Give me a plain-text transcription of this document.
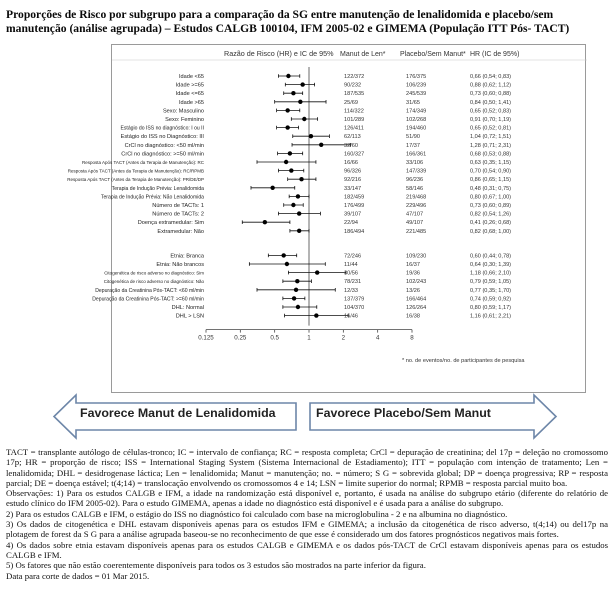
Proporções de Risco por subgrupo para a comparação da SG entre manutenção de lenalidomida e placebo/sem manutenção (análise agrupada) – Estudos CALGB 100104, IFM 2005-02 e GIMEMA (População ITT Pós- TACT)
Razão de Risco (HR) e IC de 95% Manut de Len* Placebo/Sem Manut* HR (IC de 95%)
Idade <65	122/372	176/375	0,66 (0,54; 0,83)
Idade >=65	90/232	106/239	0,88 (0,62; 1,12)
Idade <=65	187/535	245/539	0,73 (0,60; 0,88)
Idade >65	25/69	31/65	0,84 (0,50; 1,41)
Sexo: Masculino	114/322	174/349	0,65 (0,52; 0,83)
Sexo: Feminino	101/289	102/268	0,91 (0,70; 1,19)
Estágio do ISS no diagnóstico: I ou II	126/411	194/460	0,65 (0,52; 0,81)
Estágio do ISS no Diagnóstico: III	62/113	51/90	1,04 (0,72; 1,51)
CrCl no diagnóstico: <50 ml/min	32/60	17/37	1,28 (0,71; 2,31)
CrCl no diagnóstico: >=50 ml/min	160/327	166/361	0,68 (0,53; 0,88)
Resposta Após TACT (Antes da Terapia de Manutenção): RC	16/66	33/106	0,63 (0,35; 1,15)
Resposta Após TACT (Antes da Terapia de Manutenção): RC/RPMB	96/326	147/339	0,70 (0,54; 0,90)
Resposta Após TACT (Antes da Terapia de Manutenção): PR/DE/DP	92/216	96/236	0,86 (0,65; 1,15)
Terapia de Indução Prévia: Lenalidomida	33/147	58/146	0,48 (0,31; 0,75)
Terapia de Indução Prévia: Não Lenalidomida	182/459	219/468	0,80 (0,67; 1,00)
Número de TACTs: 1	176/499	229/496	0,73 (0,60; 0,89)
Número de TACTs: 2	39/107	47/107	0,82 (0,54; 1,26)
Doença extramedular: Sim	22/94	49/107	0,41 (0,26; 0,68)
Extramedular: Não	186/494	221/485	0,82 (0,68; 1,00)
Etnia: Branca	72/246	109/230	0,60 (0,44; 0,78)
Etnia: Não brancos	11/44	16/37	0,64 (0,30; 1,39)
Citogenética de risco adverso no diagnóstico: Sim	30/56	19/36	1,18 (0,66; 2,10)
Citogenética de risco adverso no diagnóstico: Não	78/231	102/243	0,79 (0,59; 1,05)
Depuração da Creatinina Pós-TACT: <60 ml/min	12/33	13/26	0,77 (0,35; 1,70)
Depuração da Creatinina Pós-TACT: >=60 ml/min	137/379	166/464	0,74 (0,59; 0,92)
DHL: Normal	104/370	126/264	0,80 (0,59; 1,17)
DHL > LSN	16/46	16/38	1,16 (0,61; 2,21)
0.125	0.25	0.5	1	2	4	8
* no. de eventos/no. de participantes de pesquisa
Favorece Manut de Lenalidomida	Favorece Placebo/Sem Manut

TACT = transplante autólogo de células-tronco; IC = intervalo de confiança; RC = resposta completa; CrCl = depuração de creatinina; del 17p = deleção no cromossomo 17p; HR = proporção de risco; ISS = International Staging System (Sistema Internacional de Estadiamento); ITT = população com intenção de tratamento; Len = lenalidomida; DHL = desidrogenase láctica; Len = lenalidomida; Manut = manutenção; no. = número; S G = sobrevida global; DP = doença progressiva; RP = resposta parcial; DE = doença estável; t(4;14) = translocação envolvendo os cromossomos 4 e 14; LSN = limite superior do normal; RPMB = resposta parcial muito boa.

Observações: 1) Para os estudos CALGB e IFM, a idade na randomização está disponível e, portanto, é usada na análise do subgrupo etário (diferente do relatório de estudo clínico do IFM 2005-02). Para o estudo GIMEMA, apenas a idade no diagnóstico está disponível e é usada para a análise do subgrupo.

2) Para os estudos CALGB e IFM, o estágio do ISS no diagnóstico foi calculado com base na microglobulina - 2 e na albumina no diagnóstico.

3) Os dados de citogenética e DHL estavam disponíveis apenas para os estudos IFM e GIMEMA; a inclusão da citogenética de risco adverso, t(4;14) ou del17p na plotagem de forest da S G para a análise agrupada baseou-se no reconhecimento de que esse é considerado um dos fatores prognósticos negativos mais fortes.

4) Os dados sobre etnia estavam disponíveis apenas para os estudos CALGB e GIMEMA e os dados pós-TACT de CrCl estavam disponíveis apenas para os estudos CALGB e IFM.

5) Os fatores que não estão coerentemente disponíveis para todos os 3 estudos são mostrados na parte inferior da figura.

Data para corte de dados = 01 Mar 2015.
